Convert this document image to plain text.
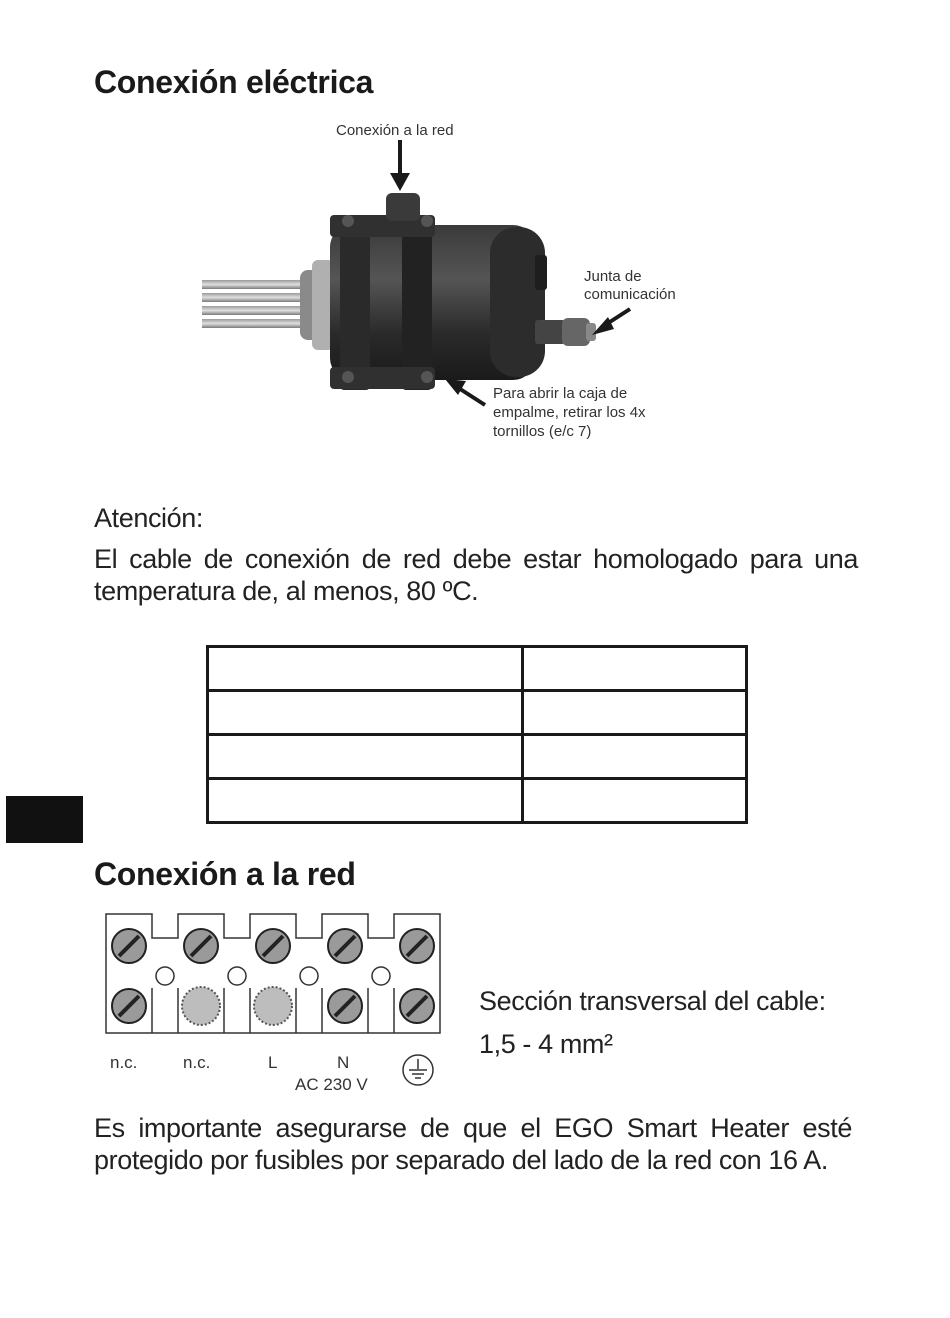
Conexión eléctrica
Conexión a la red
Junta de
comunicación
Para abrir la caja de
empalme, retirar los 4x
tornillos (e/c 7)

Atención:

El cable de conexión de red debe estar homologado para una temperatura de, al menos, 80 ºC.

Conexión a la red
n.c.	n.c.	L	N
AC 230 V

Sección transversal del cable:

1,5 - 4 mm²

Es importante asegurarse de que el EGO Smart Heater esté protegido por fusibles por separado del lado de la red con 16 A.
